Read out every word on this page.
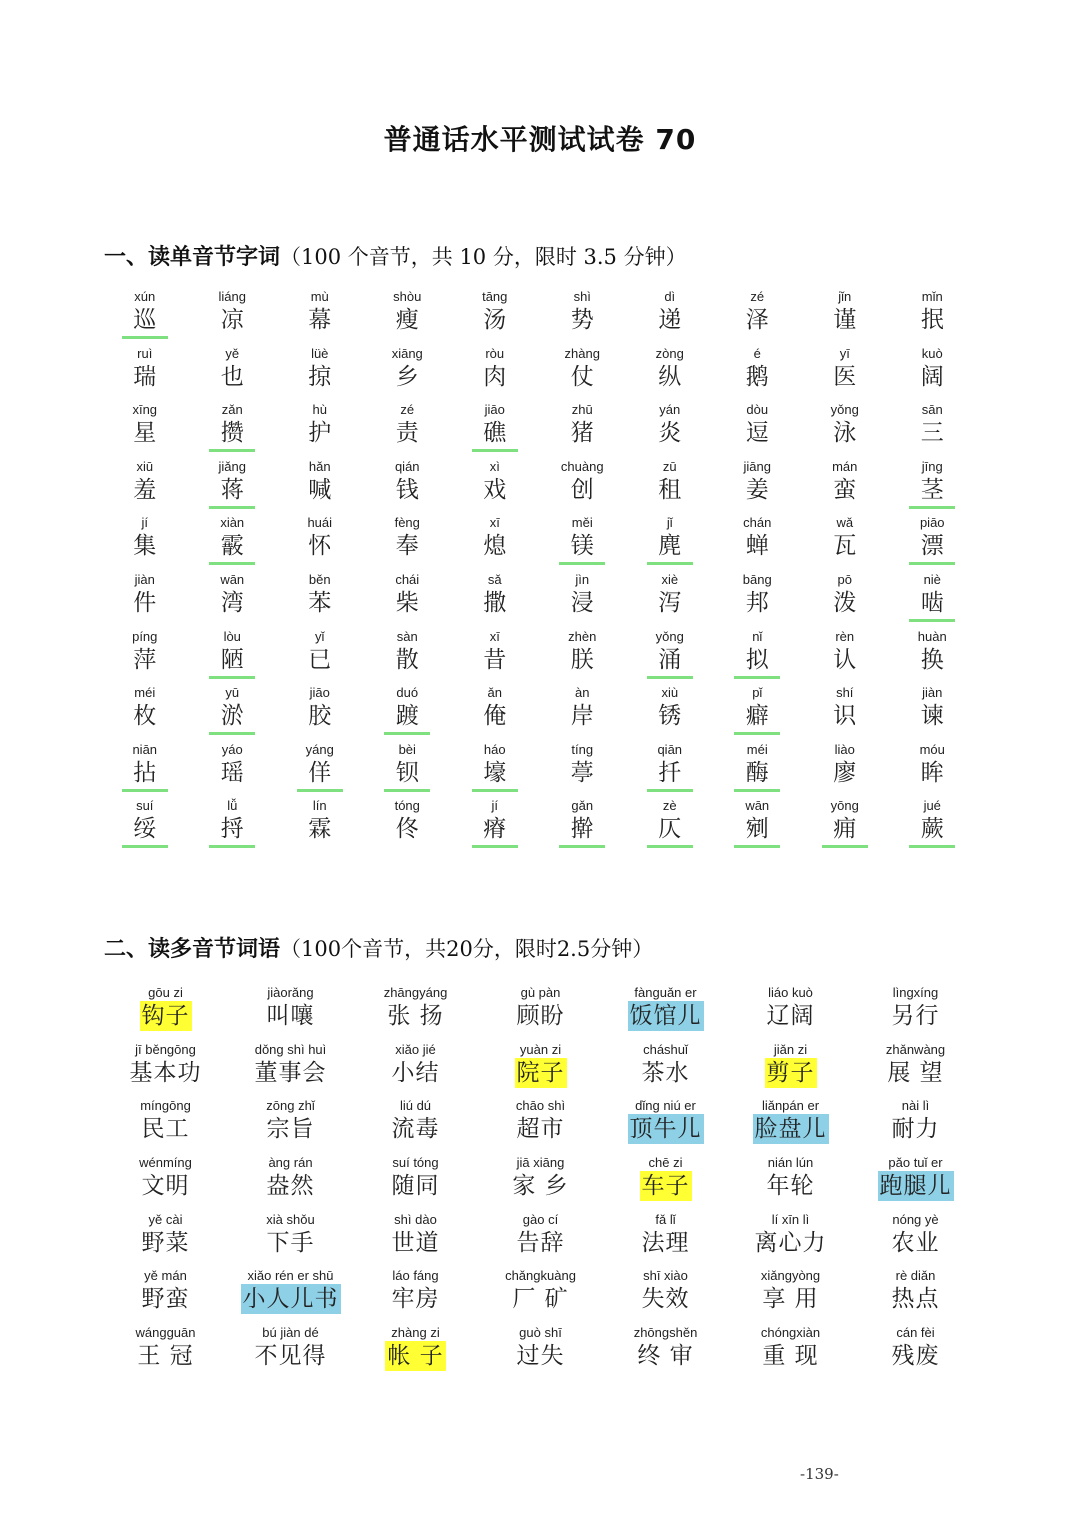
普通话水平测试试卷 70
一、读单音节字词（100 个音节，共 10 分，限时 3.5 分钟）
xún
巡
liáng
凉
mù
幕
shòu
瘦
tāng
汤
shì
势
dì
递
zé
泽
jǐn
谨
mǐn
抿
ruì
瑞
yě
也
lüè
掠
xiāng
乡
ròu
肉
zhàng
仗
zòng
纵
é
鹅
yī
医
kuò
阔
xīng
星
zǎn
攒
hù
护
zé
责
jiāo
礁
zhū
猪
yán
炎
dòu
逗
yǒng
泳
sān
三
xiū
羞
jiǎng
蒋
hǎn
喊
qián
钱
xì
戏
chuàng
创
zū
租
jiāng
姜
mán
蛮
jīng
茎
jí
集
xiàn
霰
huái
怀
fèng
奉
xī
熄
měi
镁
jǐ
麂
chán
蝉
wǎ
瓦
piāo
漂
jiàn
件
wān
湾
běn
苯
chái
柴
sǎ
撒
jìn
浸
xiè
泻
bāng
邦
pō
泼
niè
啮
píng
萍
lòu
陋
yǐ
已
sàn
散
xī
昔
zhèn
朕
yǒng
涌
nǐ
拟
rèn
认
huàn
换
méi
枚
yū
淤
jiāo
胶
duó
踱
ǎn
俺
àn
岸
xiù
锈
pǐ
癖
shí
识
jiàn
谏
niān
拈
yáo
瑶
yáng
佯
bèi
钡
háo
壕
tíng
葶
qiān
扦
méi
酶
liào
廖
móu
眸
suí
绥
lǚ
捋
lín
霖
tóng
佟
jí
瘠
gǎn
擀
zè
仄
wān
剜
yōng
痈
jué
蕨
二、读多音节词语（100个音节，共20分，限时2.5分钟）
gōu zi
钩子
jiàorǎng
叫嚷
zhāngyáng
张 扬
gù pàn
顾盼
fànguǎn er
饭馆儿
liáo kuò
辽阔
lìngxíng
另行
jī běngōng
基本功
dǒng shì huì
董事会
xiǎo jié
小结
yuàn zi
院子
cháshuǐ
茶水
jiǎn zi
剪子
zhǎnwàng
展 望
míngōng
民工
zōng zhǐ
宗旨
liú dú
流毒
chāo shì
超市
dǐng niú er
顶牛儿
liǎnpán er
脸盘儿
nài lì
耐力
wénmíng
文明
àng rán
盎然
suí tóng
随同
jiā xiāng
家 乡
chē zi
车子
nián lún
年轮
pǎo tuǐ er
跑腿儿
yě cài
野菜
xià shǒu
下手
shì dào
世道
gào cí
告辞
fǎ lǐ
法理
lí xīn lì
离心力
nóng yè
农业
yě mán
野蛮
xiǎo rén er shū
小人儿书
láo fáng
牢房
chǎngkuàng
厂 矿
shī xiào
失效
xiǎngyòng
享 用
rè diǎn
热点
wángguān
王 冠
bú jiàn dé
不见得
zhàng zi
帐 子
guò shī
过失
zhōngshěn
终 审
chóngxiàn
重 现
cán fèi
残废
-139-
